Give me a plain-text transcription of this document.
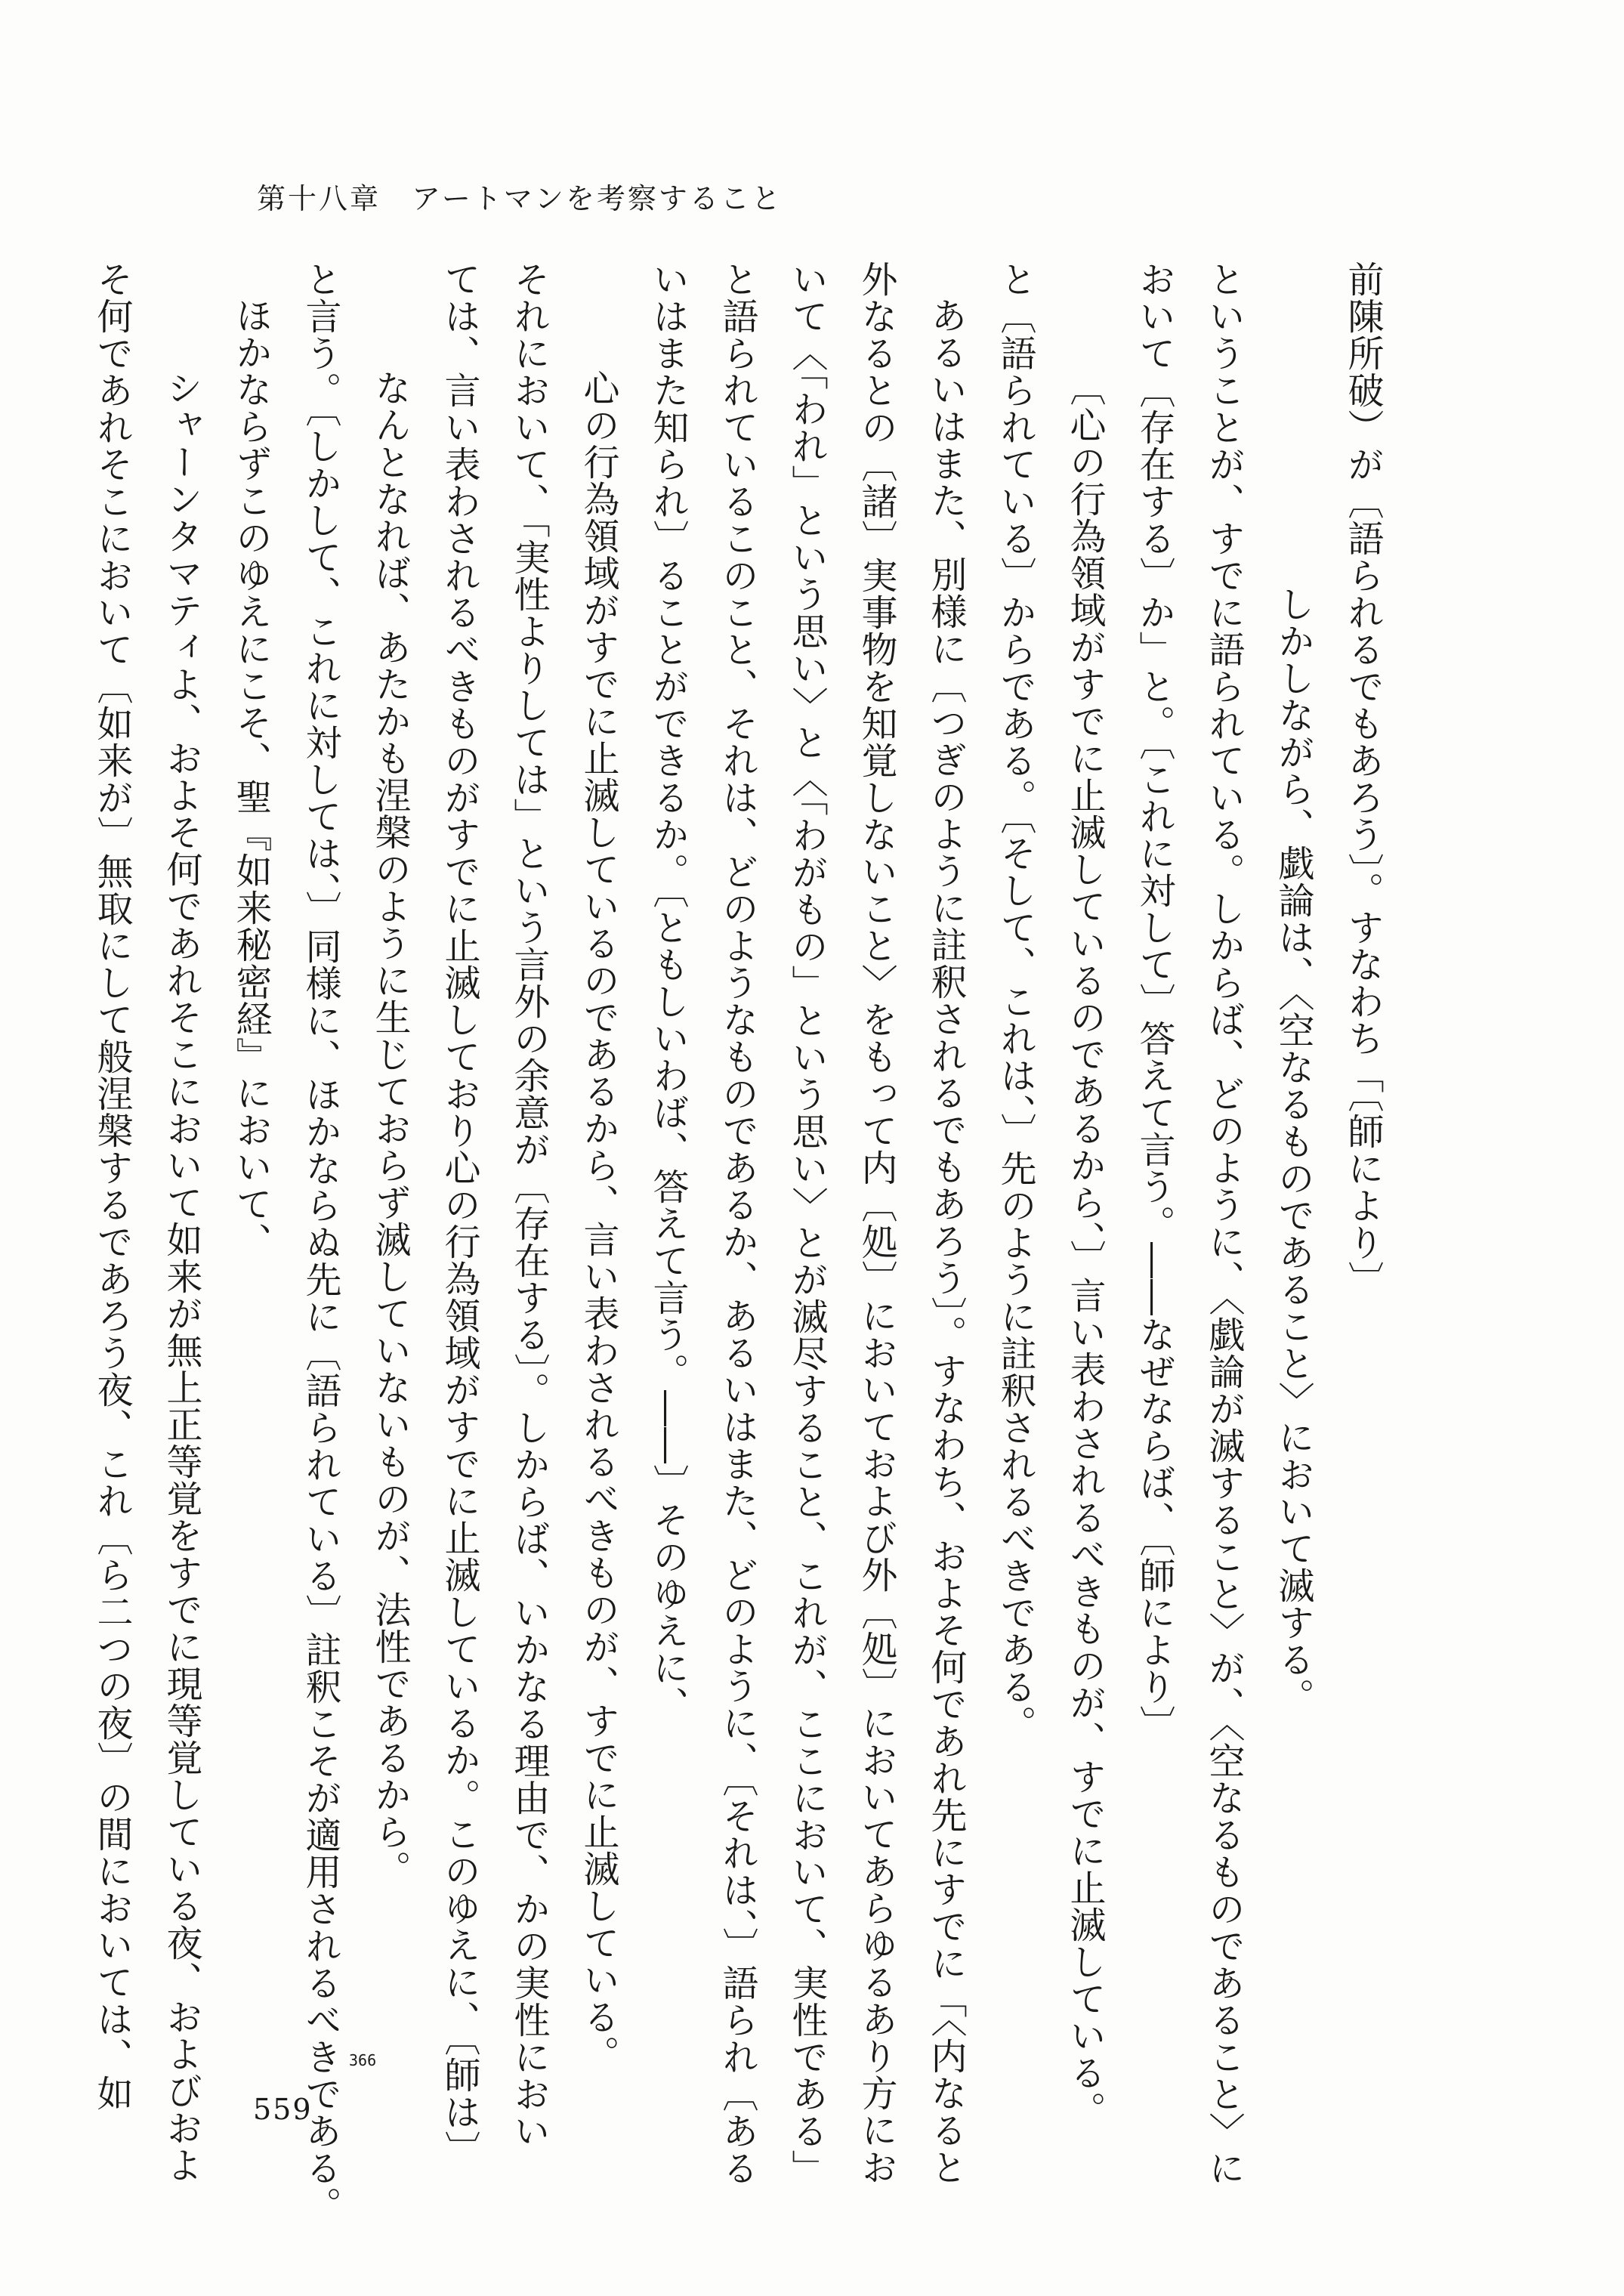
第十八章　アートマンを考察すること

前陳所破）が〔語られるでもあろう〕。すなわち「〔師により〕

しかしながら、戯論は、〈空なるものであること〉において滅する。

ということが、すでに語られている。しからば、どのように、〈戯論が滅すること〉が、〈空なるものであること〉に

おいて〔存在する〕か」と。〔これに対して〕答えて言う。――なぜならば、〔師により〕

〔心の行為領域がすでに止滅しているのであるから、〕言い表わされるべきものが、すでに止滅している。

と〔語られている〕からである。〔そして、これは、〕先のように註釈されるべきである。

あるいはまた、別様に〔つぎのように註釈されるでもあろう〕。すなわち、およそ何であれ先にすでに「〈内なると

外なるとの〔諸〕実事物を知覚しないこと〉をもって内〔処〕においておよび外〔処〕においてあらゆるあり方にお

いて〈「われ」という思い〉と〈「わがもの」という思い〉とが滅尽すること、これが、ここにおいて、実性である」

と語られているこのこと、それは、どのようなものであるか、あるいはまた、どのように、〔それは、〕語られ〔ある

いはまた知られ〕ることができるか。〔ともしいわば、答えて言う。――〕そのゆえに、

心の行為領域がすでに止滅しているのであるから、言い表わされるべきものが、すでに止滅している。

それにおいて、「実性よりしては」という言外の余意が〔存在する〕。しからば、いかなる理由で、かの実性におい

ては、言い表わされるべきものがすでに止滅しており心の行為領域がすでに止滅しているか。このゆえに、〔師は〕

なんとなれば、あたかも涅槃のように生じておらず滅していないものが、法性であるから。

と言う。〔しかして、これに対しては、〕同様に、ほかならぬ先に〔語られている〕註釈こそが適用されるべきである。

ほかならずこのゆえにこそ、聖『如来秘密経』において、

シャーンタマティよ、およそ何であれそこにおいて如来が無上正等覚をすでに現等覚している夜、およびおよ

そ何であれそこにおいて〔如来が〕無取にして般涅槃するであろう夜、これ〔ら二つの夜〕の間においては、如	366
559
